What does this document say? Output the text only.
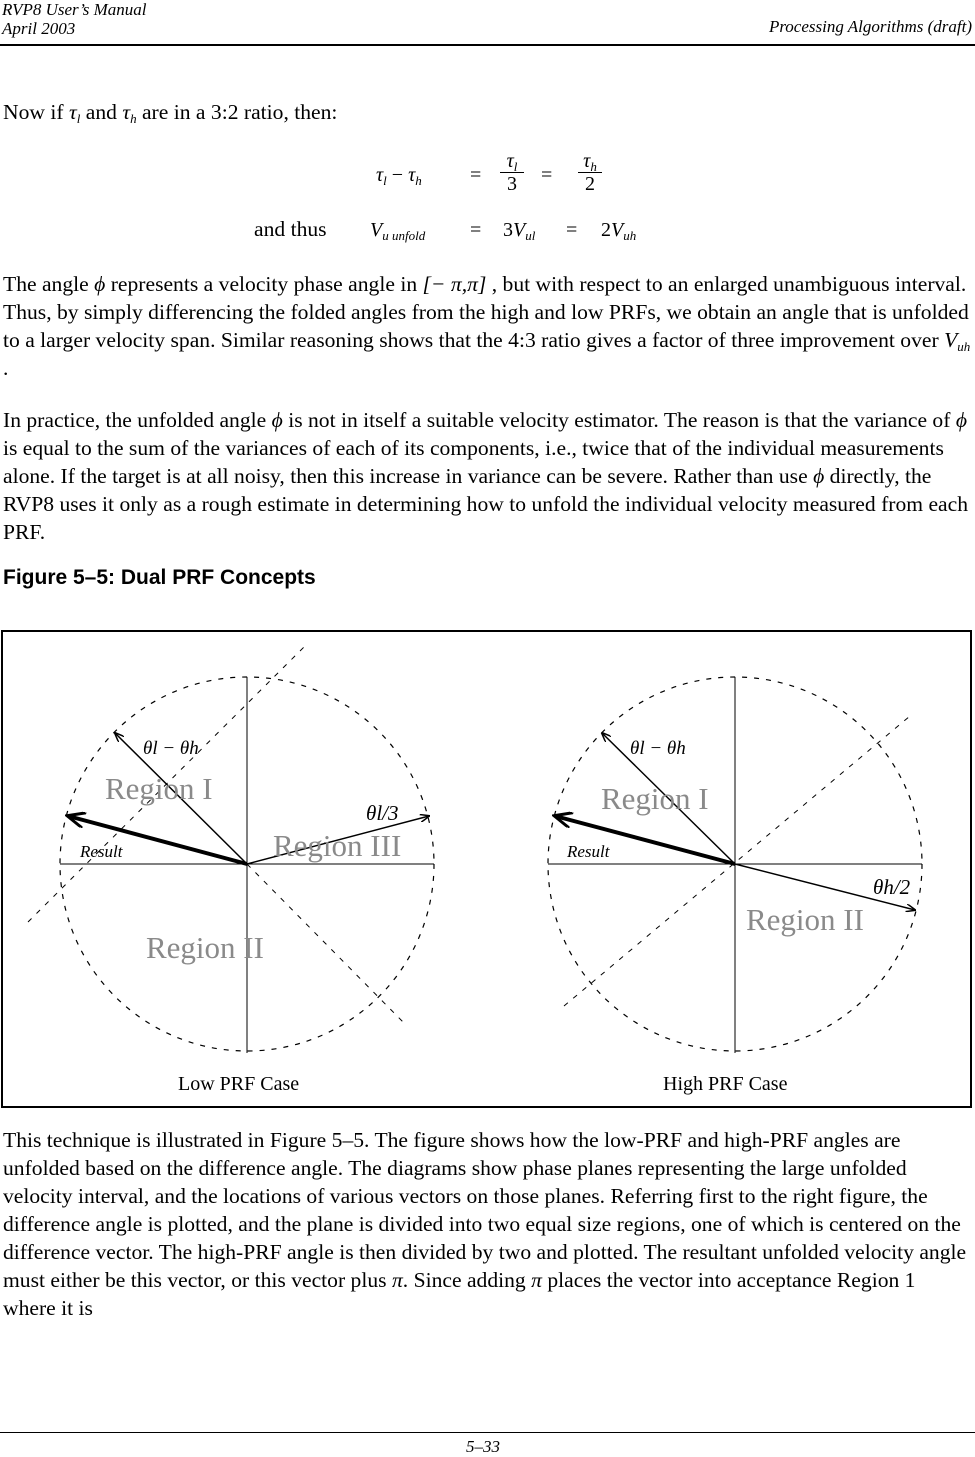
RVP8 User’s Manual
April 2003	Processing Algorithms (draft)

Now if $\tau_l$ and $\tau_h$ are in a 3:2 ratio, then:

$\tau_l - \tau_h = \frac{\tau_l}{3} = \frac{\tau_h}{2}$
and thus $V_{u unfold} = 3V_{ul} = 2V_{uh}$

The angle ϕ represents a velocity phase angle in [− π,π] , but with respect to an enlarged unambiguous interval. Thus, by simply differencing the folded angles from the high and low PRFs, we obtain an angle that is unfolded to a larger velocity span. Similar reasoning shows that the 4:3 ratio gives a factor of three improvement over $V_{uh}$ .

In practice, the unfolded angle ϕ is not in itself a suitable velocity estimator. The reason is that the variance of ϕ is equal to the sum of the variances of each of its components, i.e., twice that of the individual measurements alone. If the target is at all noisy, then this increase in variance can be severe. Rather than use ϕ directly, the RVP8 uses it only as a rough estimate in determining how to unfold the individual velocity measured from each PRF.

Figure 5–5: Dual PRF Concepts
Region I
Region III
Region II
θl − θh
θl/3
Result
Low PRF Case
Region I
Region II
θl − θh
θh/2
Result
High PRF Case

This technique is illustrated in Figure 5–5. The figure shows how the low-PRF and high-PRF angles are unfolded based on the difference angle. The diagrams show phase planes representing the large unfolded velocity interval, and the locations of various vectors on those planes. Referring first to the right figure, the difference angle is plotted, and the plane is divided into two equal size regions, one of which is centered on the difference vector. The high-PRF angle is then divided by two and plotted. The resultant unfolded velocity angle must either be this vector, or this vector plus π. Since adding π places the vector into acceptance Region 1 where it is

5–33
